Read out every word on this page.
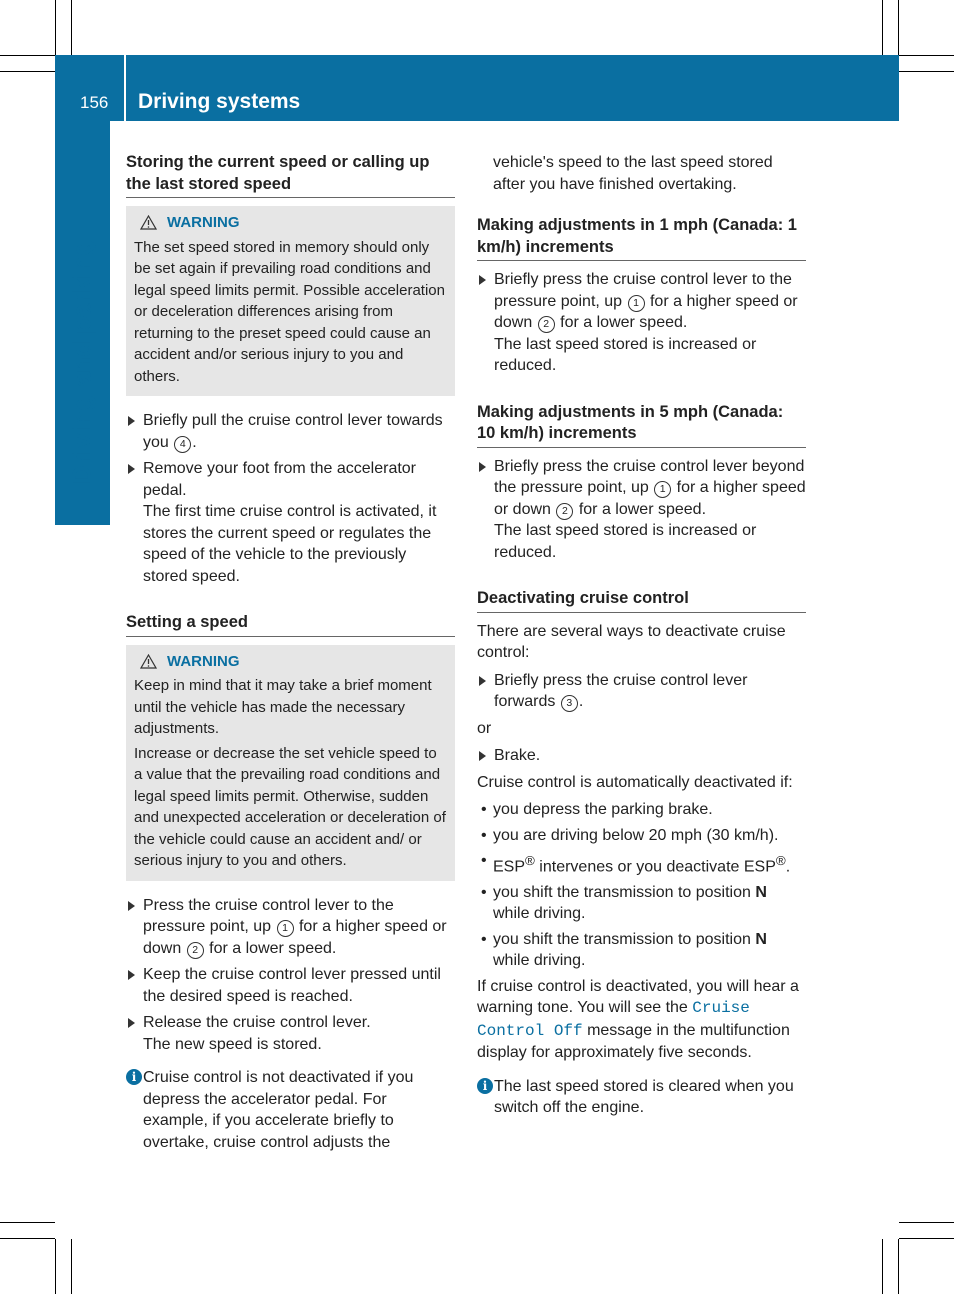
156 Driving systems
Driving and parking
Storing the current speed or calling up the last stored speed
WARNING

The set speed stored in memory should only be set again if prevailing road conditions and legal speed limits permit. Possible acceleration or deceleration differences arising from returning to the preset speed could cause an accident and/or serious injury to you and others.

Briefly pull the cruise control lever towards you 4 .
Remove your foot from the accelerator pedal.
The first time cruise control is activated, it stores the current speed or regulates the speed of the vehicle to the previously stored speed.
Setting a speed
WARNING

Keep in mind that it may take a brief moment until the vehicle has made the necessary adjustments.

Increase or decrease the set vehicle speed to a value that the prevailing road conditions and legal speed limits permit. Otherwise, sudden and unexpected acceleration or deceleration of the vehicle could cause an accident and/ or serious injury to you and others.

Press the cruise control lever to the pressure point, up 1 for a higher speed or down 2 for a lower speed.
Keep the cruise control lever pressed until the desired speed is reached.
Release the cruise control lever.
The new speed is stored.
i Cruise control is not deactivated if you depress the accelerator pedal. For example, if you accelerate briefly to overtake, cruise control adjusts the

vehicle's speed to the last speed stored after you have finished overtaking.

Making adjustments in 1 mph (Canada: 1 km/h) increments
Briefly press the cruise control lever to the pressure point, up 1 for a higher speed or down 2 for a lower speed.
The last speed stored is increased or reduced.
Making adjustments in 5 mph (Canada: 10 km/h) increments
Briefly press the cruise control lever beyond the pressure point, up 1 for a higher speed or down 2 for a lower speed.
The last speed stored is increased or reduced.
Deactivating cruise control

There are several ways to deactivate cruise control:

Briefly press the cruise control lever forwards 3 .

or

Brake.

Cruise control is automatically deactivated if:

• you depress the parking brake.
• you are driving below 20 mph (30 km/h).
• ESP® intervenes or you deactivate ESP®.
• you shift the transmission to position N while driving.
• you shift the transmission to position N while driving.

If cruise control is deactivated, you will hear a warning tone. You will see the Cruise Control Off message in the multifunction display for approximately five seconds.

i The last speed stored is cleared when you switch off the engine.
